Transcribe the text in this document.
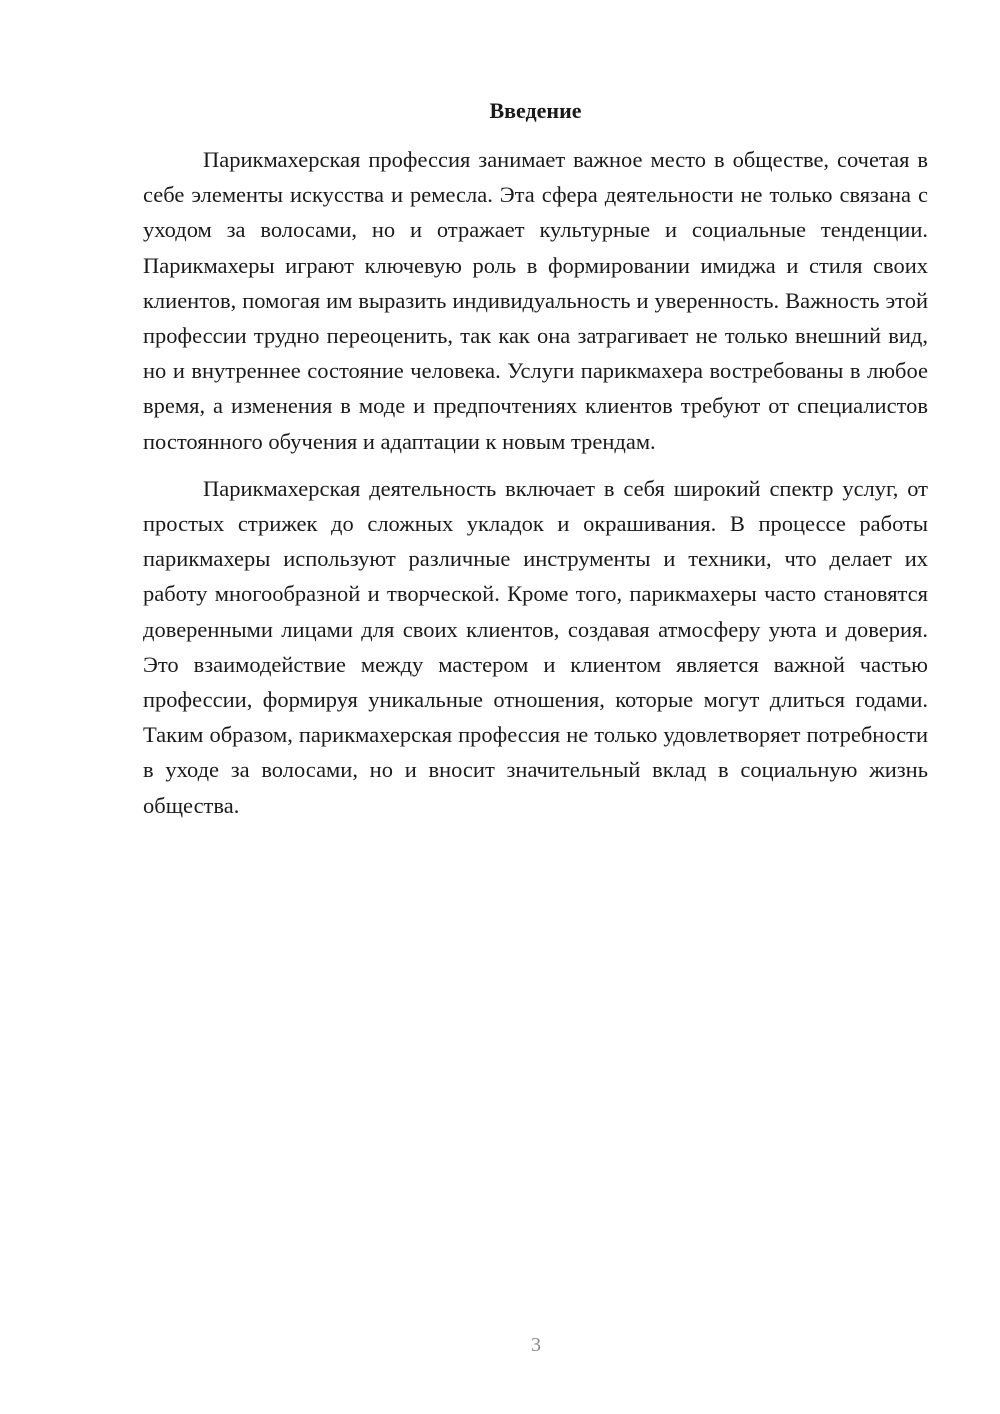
Введение

Парикмахерская профессия занимает важное место в обществе, сочетая в себе элементы искусства и ремесла. Эта сфера деятельности не только связана с уходом за волосами, но и отражает культурные и социальные тенденции. Парикмахеры играют ключевую роль в формировании имиджа и стиля своих клиентов, помогая им выразить индивидуальность и уверенность. Важность этой профессии трудно переоценить, так как она затрагивает не только внешний вид, но и внутреннее состояние человека. Услуги парикмахера востребованы в любое время, а изменения в моде и предпочтениях клиентов требуют от специалистов постоянного обучения и адаптации к новым трендам.

Парикмахерская деятельность включает в себя широкий спектр услуг, от простых стрижек до сложных укладок и окрашивания. В процессе работы парикмахеры используют различные инструменты и техники, что делает их работу многообразной и творческой. Кроме того, парикмахеры часто становятся доверенными лицами для своих клиентов, создавая атмосферу уюта и доверия. Это взаимодействие между мастером и клиентом является важной частью профессии, формируя уникальные отношения, которые могут длиться годами. Таким образом, парикмахерская профессия не только удовлетворяет потребности в уходе за волосами, но и вносит значительный вклад в социальную жизнь общества.

3
